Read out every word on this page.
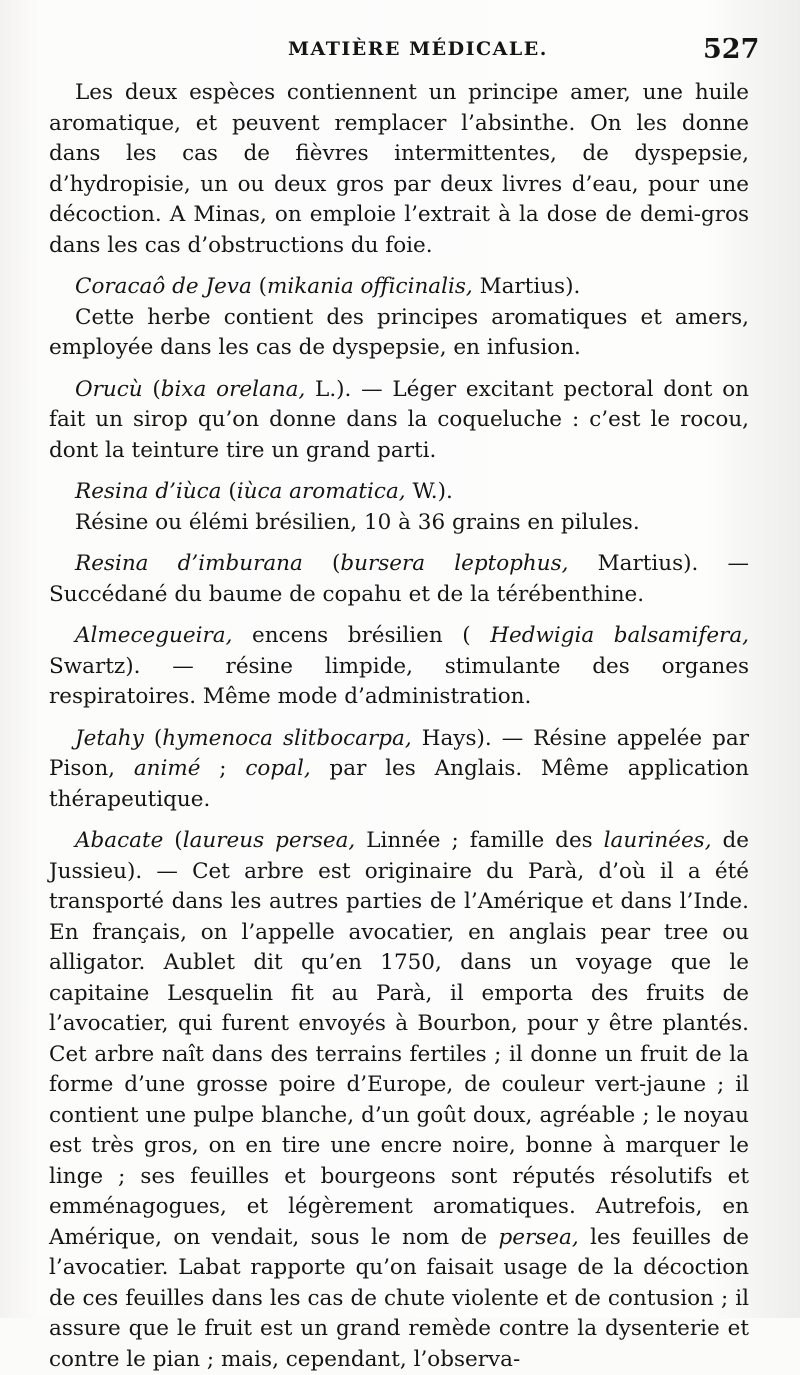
MATIÈRE MÉDICALE.	527

Les deux espèces contiennent un principe amer, une huile aromatique, et peuvent remplacer l’absinthe. On les donne dans les cas de fièvres intermittentes, de dyspepsie, d’hydropisie, un ou deux gros par deux livres d’eau, pour une décoction. A Minas, on emploie l’extrait à la dose de demi-gros dans les cas d’obstructions du foie.

Coracaô de Jeva (mikania officinalis, Martius).

Cette herbe contient des principes aromatiques et amers, employée dans les cas de dyspepsie, en infusion.

Orucù (bixa orelana, L.). — Léger excitant pectoral dont on fait un sirop qu’on donne dans la coqueluche : c’est le rocou, dont la teinture tire un grand parti.

Resina d’iùca (iùca aromatica, W.).

Résine ou élémi brésilien, 10 à 36 grains en pilules.

Resina d’imburana (bursera leptophus, Martius). — Succédané du baume de copahu et de la térébenthine.

Almecegueira, encens brésilien ( Hedwigia balsamifera, Swartz). — résine limpide, stimulante des organes respiratoires. Même mode d’administration.

Jetahy (hymenoca slitbocarpa, Hays). — Résine appelée par Pison, animé ; copal, par les Anglais. Même application thérapeutique.

Abacate (laureus persea, Linnée ; famille des laurinées, de Jussieu). — Cet arbre est originaire du Parà, d’où il a été transporté dans les autres parties de l’Amérique et dans l’Inde. En français, on l’appelle avocatier, en anglais pear tree ou alligator. Aublet dit qu’en 1750, dans un voyage que le capitaine Lesquelin fit au Parà, il emporta des fruits de l’avocatier, qui furent envoyés à Bourbon, pour y être plantés. Cet arbre naît dans des terrains fertiles ; il donne un fruit de la forme d’une grosse poire d’Europe, de couleur vert-jaune ; il contient une pulpe blanche, d’un goût doux, agréable ; le noyau est très gros, on en tire une encre noire, bonne à marquer le linge ; ses feuilles et bourgeons sont réputés résolutifs et emménagogues, et légèrement aromatiques. Autrefois, en Amérique, on vendait, sous le nom de persea, les feuilles de l’avocatier. Labat rapporte qu’on faisait usage de la décoction de ces feuilles dans les cas de chute violente et de contusion ; il assure que le fruit est un grand remède contre la dysenterie et contre le pian ; mais, cependant, l’observa-
